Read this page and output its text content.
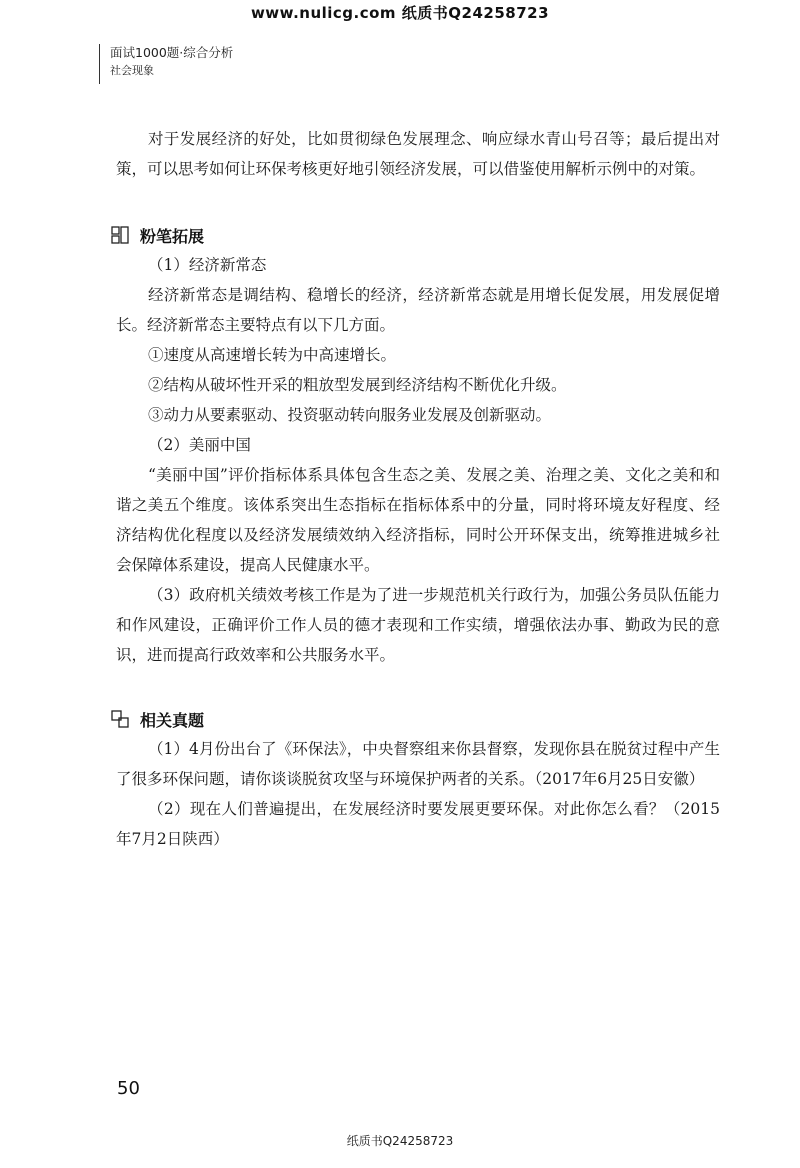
www.nulicg.com 纸质书Q24258723
面试1000题·综合分析
社会现象

对于发展经济的好处，比如贯彻绿色发展理念、响应绿水青山号召等；最后提出对策，可以思考如何让环保考核更好地引领经济发展，可以借鉴使用解析示例中的对策。

粉笔拓展

（1）经济新常态

经济新常态是调结构、稳增长的经济，经济新常态就是用增长促发展，用发展促增长。经济新常态主要特点有以下几方面。

①速度从高速增长转为中高速增长。

②结构从破坏性开采的粗放型发展到经济结构不断优化升级。

③动力从要素驱动、投资驱动转向服务业发展及创新驱动。

（2）美丽中国

“美丽中国”评价指标体系具体包含生态之美、发展之美、治理之美、文化之美和和谐之美五个维度。该体系突出生态指标在指标体系中的分量，同时将环境友好程度、经济结构优化程度以及经济发展绩效纳入经济指标，同时公开环保支出，统筹推进城乡社会保障体系建设，提高人民健康水平。

（3）政府机关绩效考核工作是为了进一步规范机关行政行为，加强公务员队伍能力和作风建设，正确评价工作人员的德才表现和工作实绩，增强依法办事、勤政为民的意识，进而提高行政效率和公共服务水平。

相关真题

（1）4月份出台了《环保法》，中央督察组来你县督察，发现你县在脱贫过程中产生了很多环保问题，请你谈谈脱贫攻坚与环境保护两者的关系。（2017年6月25日安徽）

（2）现在人们普遍提出，在发展经济时要发展更要环保。对此你怎么看？（2015年7月2日陕西）

50
纸质书Q24258723
